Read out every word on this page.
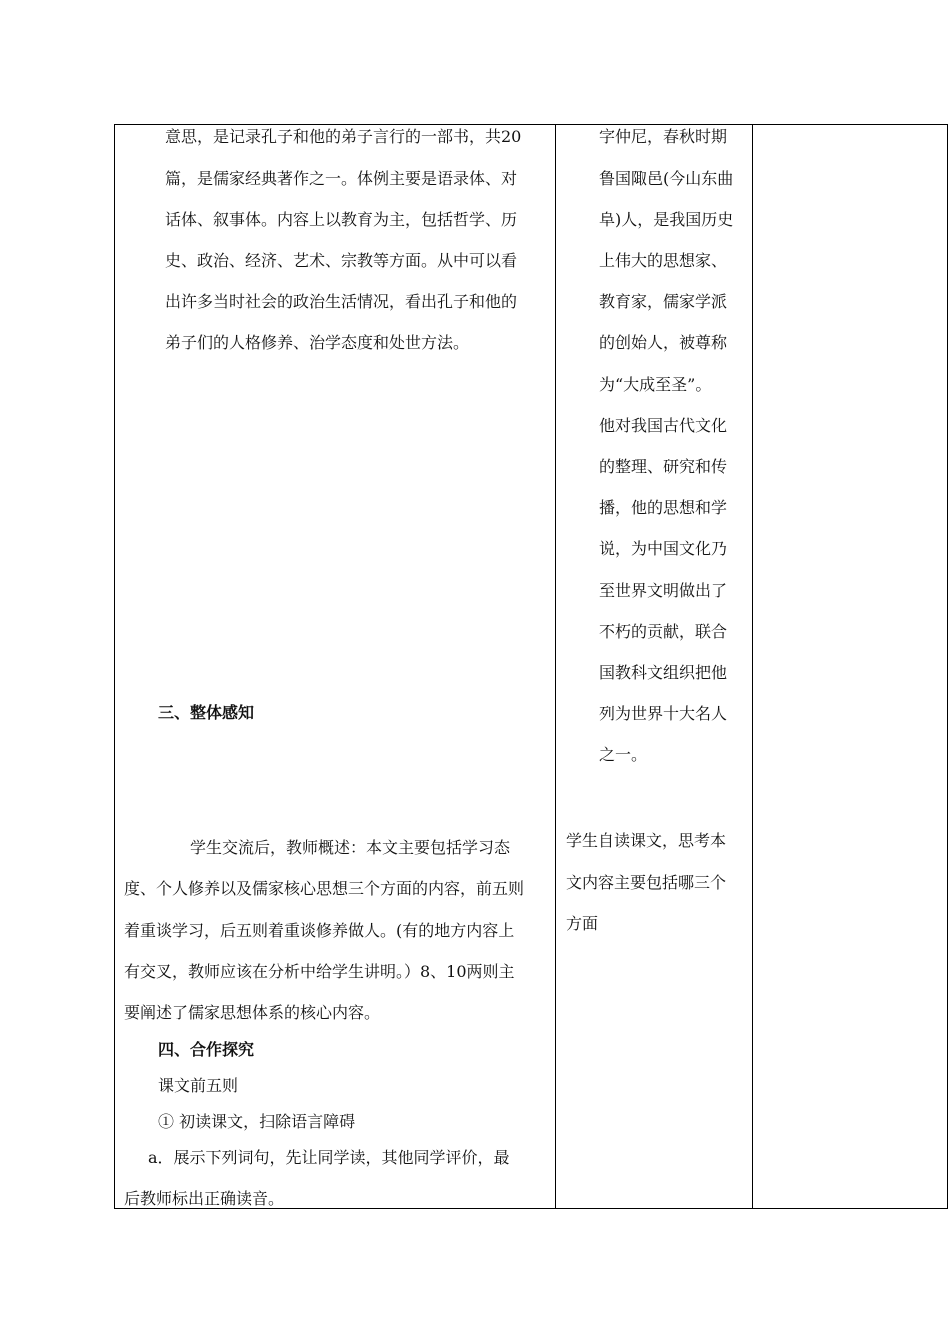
意思，是记录孔子和他的弟子言行的一部书，共20
篇，是儒家经典著作之一。体例主要是语录体、对
话体、叙事体。内容上以教育为主，包括哲学、历
史、政治、经济、艺术、宗教等方面。从中可以看
出许多当时社会的政治生活情况，看出孔子和他的
弟子们的人格修养、治学态度和处世方法。
三、整体感知
学生交流后，教师概述：本文主要包括学习态
度、个人修养以及儒家核心思想三个方面的内容，前五则
着重谈学习，后五则着重谈修养做人。(有的地方内容上
有交叉，教师应该在分析中给学生讲明。）8、10两则主
要阐述了儒家思想体系的核心内容。
四、合作探究
课文前五则
① 初读课文，扫除语言障碍
a．展示下列词句，先让同学读，其他同学评价，最
后教师标出正确读音。
字仲尼，春秋时期
鲁国陬邑(今山东曲
阜)人，是我国历史
上伟大的思想家、
教育家，儒家学派
的创始人，被尊称
为“大成至圣”。
他对我国古代文化
的整理、研究和传
播，他的思想和学
说，为中国文化乃
至世界文明做出了
不朽的贡献，联合
国教科文组织把他
列为世界十大名人
之一。
学生自读课文，思考本
文内容主要包括哪三个
方面
